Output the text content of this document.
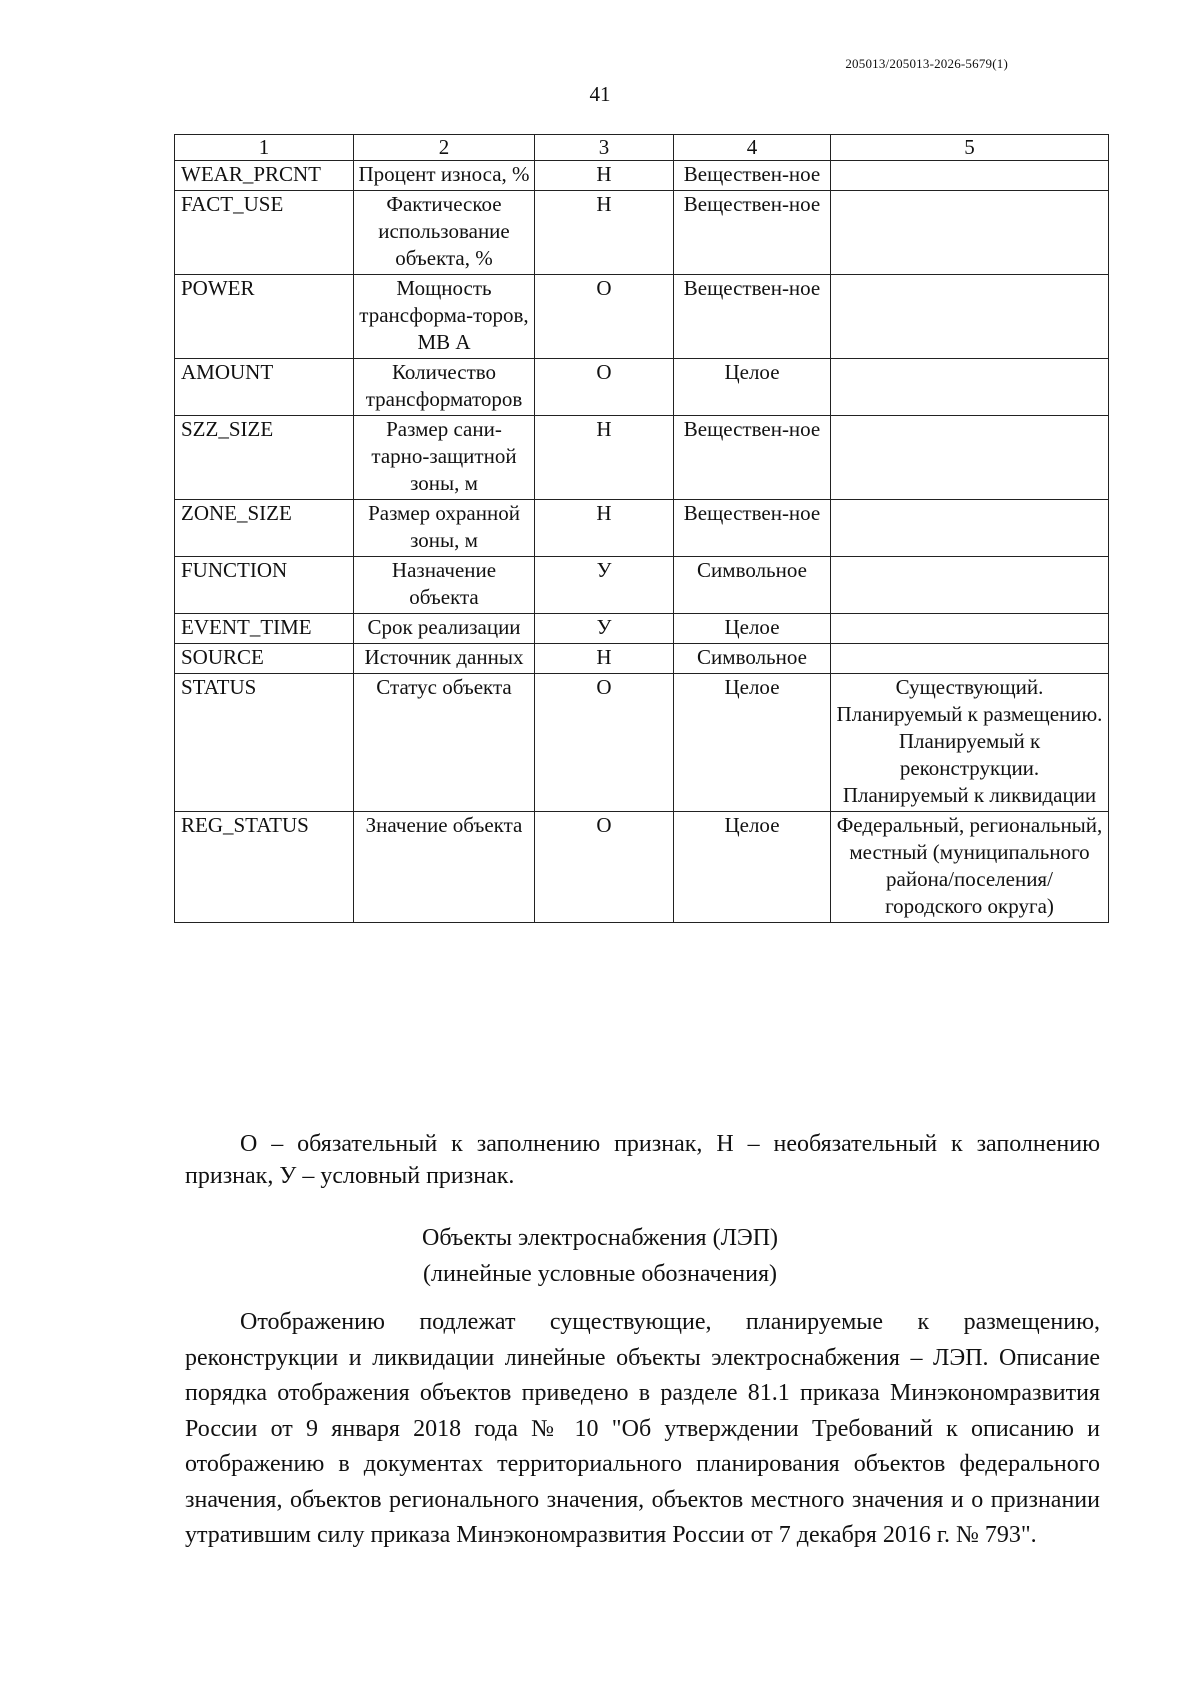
205013/205013-2026-5679(1)
41
1	2	3	4	5
WEAR_PRCNT	Процент износа, %	Н	Веществен-ное	
FACT_USE	Фактическое использование объекта, %	Н	Веществен-ное	
POWER	Мощность трансформа-торов, МВ А	О	Веществен-ное	
AMOUNT	Количество трансформаторов	О	Целое	
SZZ_SIZE	Размер сани-тарно-защитной зоны, м	Н	Веществен-ное	
ZONE_SIZE	Размер охранной зоны, м	Н	Веществен-ное	
FUNCTION	Назначение объекта	У	Символьное	
EVENT_TIME	Срок реализации	У	Целое	
SOURCE	Источник данных	Н	Символьное	
STATUS	Статус объекта	О	Целое	Существующий. Планируемый к размещению. Планируемый к реконструкции. Планируемый к ликвидации
REG_STATUS	Значение объекта	О	Целое	Федеральный, региональный, местный (муниципального района/поселения/ городского округа)

О – обязательный к заполнению признак, Н – необязательный к заполнению признак, У – условный признак.

Объекты электроснабжения (ЛЭП)
(линейные условные обозначения)

Отображению подлежат существующие, планируемые к размещению, реконструкции и ликвидации линейные объекты электроснабжения – ЛЭП. Описание порядка отображения объектов приведено в разделе 81.1 приказа Минэкономразвития России от 9 января 2018 года № 10 "Об утверждении Требований к описанию и отображению в документах территориального планирования объектов федерального значения, объектов регионального значения, объектов местного значения и о признании утратившим силу приказа Минэкономразвития России от 7 декабря 2016 г. № 793".
